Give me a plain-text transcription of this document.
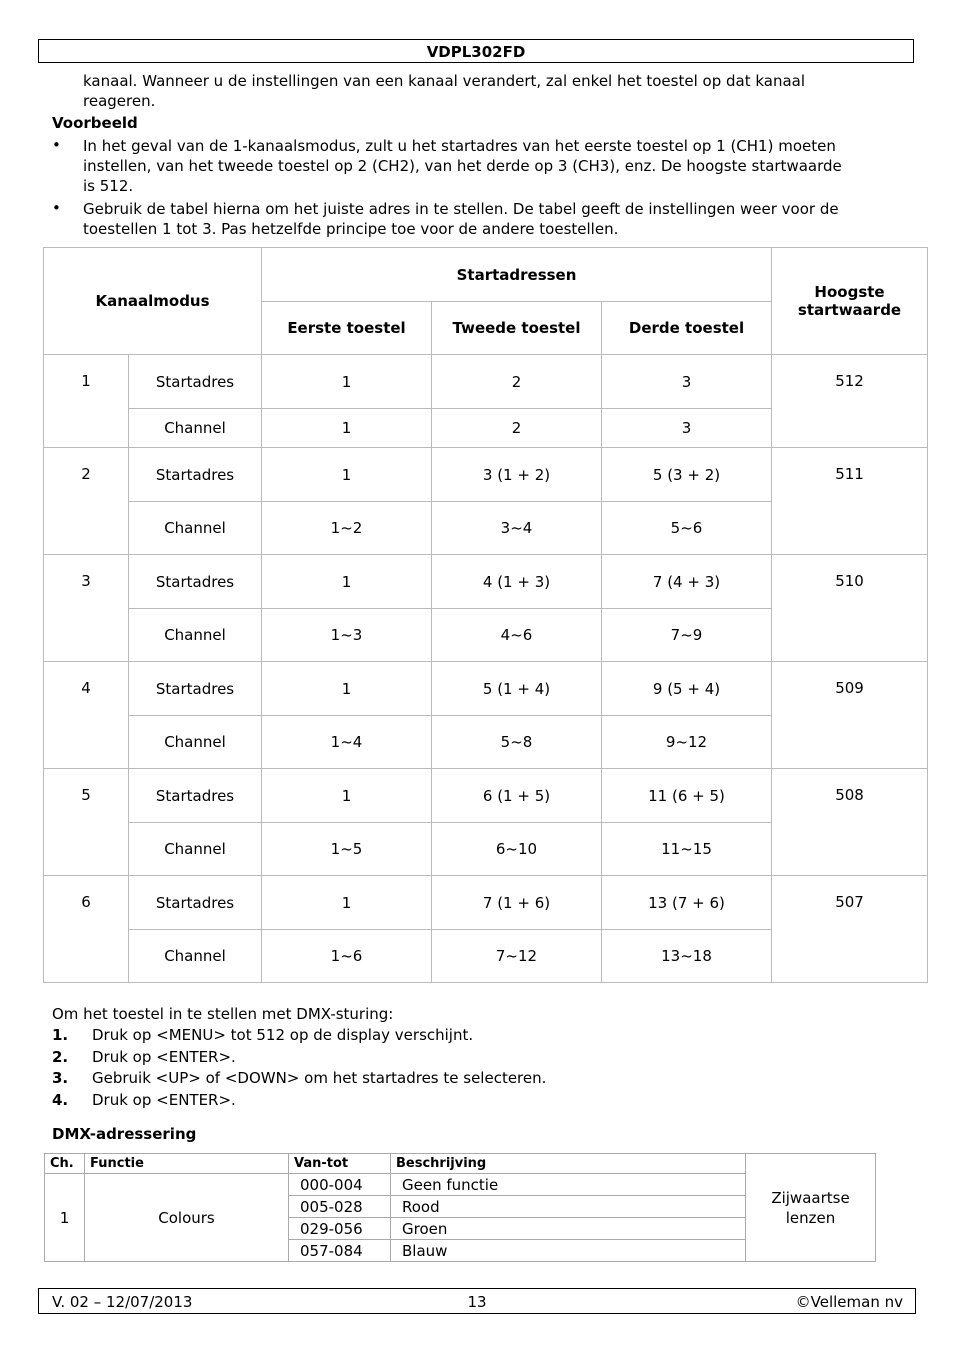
VDPL302FD
kanaal. Wanneer u de instellingen van een kanaal verandert, zal enkel het toestel op dat kanaal
reageren.
Voorbeeld
• In het geval van de 1-kanaalsmodus, zult u het startadres van het eerste toestel op 1 (CH1) moeten
instellen, van het tweede toestel op 2 (CH2), van het derde op 3 (CH3), enz. De hoogste startwaarde
is 512.
• Gebruik de tabel hierna om het juiste adres in te stellen. De tabel geeft de instellingen weer voor de
toestellen 1 tot 3. Pas hetzelfde principe toe voor de andere toestellen.
Kanaalmodus		Startadressen			Hoogste startwaarde
		Eerste toestel	Tweede toestel	Derde toestel	
1	Startadres	1	2	3	512
	Channel	1	2	3	
2	Startadres	1	3 (1 + 2)	5 (3 + 2)	511
	Channel	1~2	3~4	5~6	
3	Startadres	1	4 (1 + 3)	7 (4 + 3)	510
	Channel	1~3	4~6	7~9	
4	Startadres	1	5 (1 + 4)	9 (5 + 4)	509
	Channel	1~4	5~8	9~12	
5	Startadres	1	6 (1 + 5)	11 (6 + 5)	508
	Channel	1~5	6~10	11~15	
6	Startadres	1	7 (1 + 6)	13 (7 + 6)	507
	Channel	1~6	7~12	13~18	
Om het toestel in te stellen met DMX-sturing:
1. Druk op <MENU> tot 512 op de display verschijnt.
2. Druk op <ENTER>.
3. Gebruik <UP> of <DOWN> om het startadres te selecteren.
4. Druk op <ENTER>.
DMX-adressering
Ch.	Functie	Van-tot	Beschrijving	Zijwaartse lenzen
1	Colours	000-004	Geen functie	
		005-028	Rood	
		029-056	Groen	
		057-084	Blauw	
V. 02 – 12/07/2013	13	©Velleman nv
